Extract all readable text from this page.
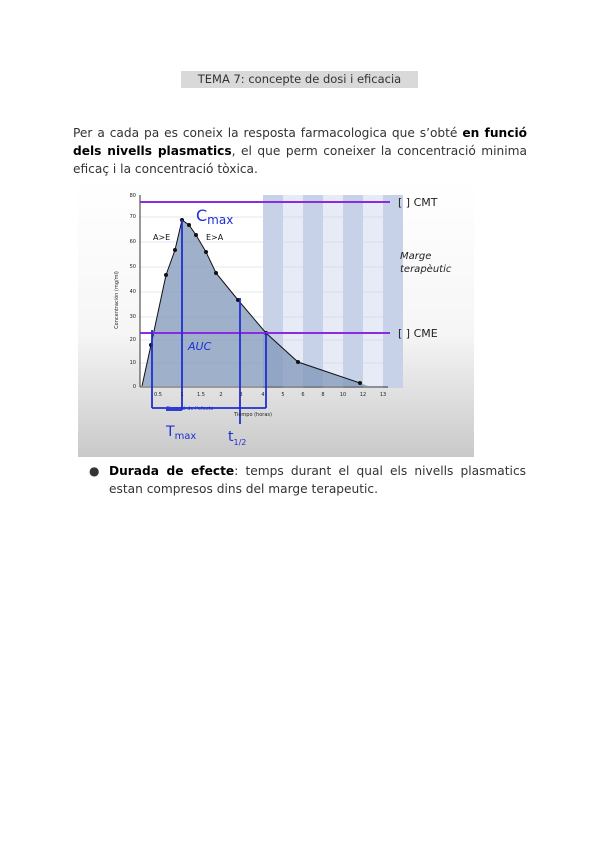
TEMA 7: concepte de dosi i eficacia
Per a cada pa es coneix la resposta farmacologica que s’obté en funció dels nivells plasmatics, el que perm coneixer la concentració minima eficaç i la concentració tòxica.
0
10
20
30
40
50
60
70
80
0.5	1	1.5	2	3	4	5	6	8	10	12	13
Concentración (mg/ml)
Tiempo (horas)
Duració de l'efecte
Cmax
A>E	E>A
AUC
[ ] CMT
[ ] CME
Marge
terapèutic
$T_{max}$ $t_{1/2}$
● Durada de efecte: temps durant el qual els nivells plasmatics estan compresos dins del marge terapeutic.
